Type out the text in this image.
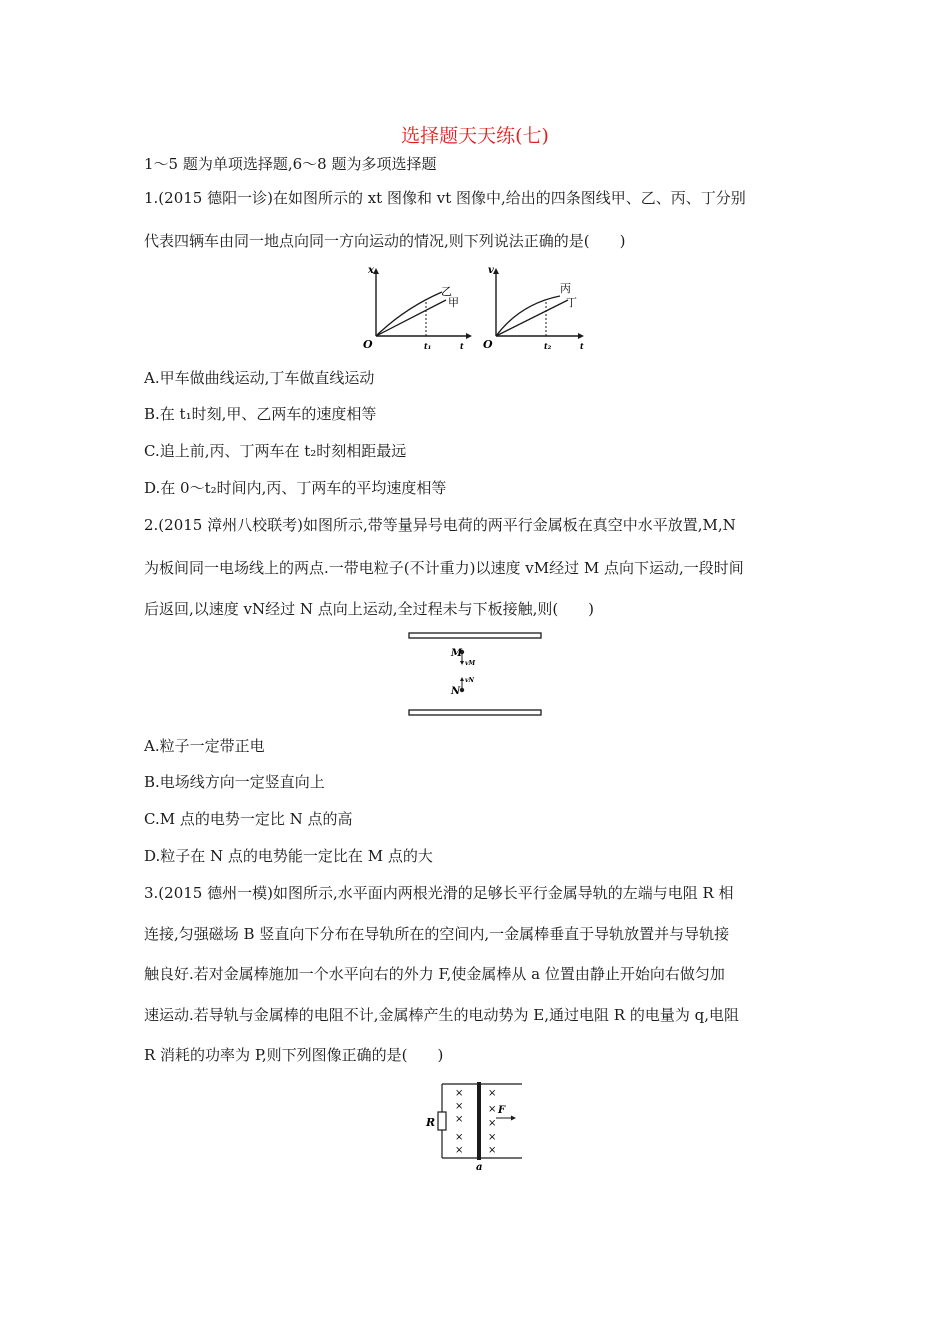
选择题天天练(七)
1～5 题为单项选择题,6～8 题为多项选择题
1.(2015 德阳一诊)在如图所示的 xt 图像和 vt 图像中,给出的四条图线甲、乙、丙、丁分别
代表四辆车由同一地点向同一方向运动的情况,则下列说法正确的是(　　)
x
O	t₁	t
乙
甲
v
O	t₂	t
丙
丁
A.甲车做曲线运动,丁车做直线运动
B.在 t₁时刻,甲、乙两车的速度相等
C.追上前,丙、丁两车在 t₂时刻相距最远
D.在 0～t₂时间内,丙、丁两车的平均速度相等
2.(2015 漳州八校联考)如图所示,带等量异号电荷的两平行金属板在真空中水平放置,M,N
为板间同一电场线上的两点.一带电粒子(不计重力)以速度 vM经过 M 点向下运动,一段时间
后返回,以速度 vN经过 N 点向上运动,全过程未与下板接触,则(　　)
M
vM
N
vN
A.粒子一定带正电
B.电场线方向一定竖直向上
C.M 点的电势一定比 N 点的高
D.粒子在 N 点的电势能一定比在 M 点的大
3.(2015 德州一模)如图所示,水平面内两根光滑的足够长平行金属导轨的左端与电阻 R 相
连接,匀强磁场 B 竖直向下分布在导轨所在的空间内,一金属棒垂直于导轨放置并与导轨接
触良好.若对金属棒施加一个水平向右的外力 F,使金属棒从 a 位置由静止开始向右做匀加
速运动.若导轨与金属棒的电阻不计,金属棒产生的电动势为 E,通过电阻 R 的电量为 q,电阻
R 消耗的功率为 P,则下列图像正确的是(　　)
R
×
×
×
×
×
×
×
×
×
×
F
a
